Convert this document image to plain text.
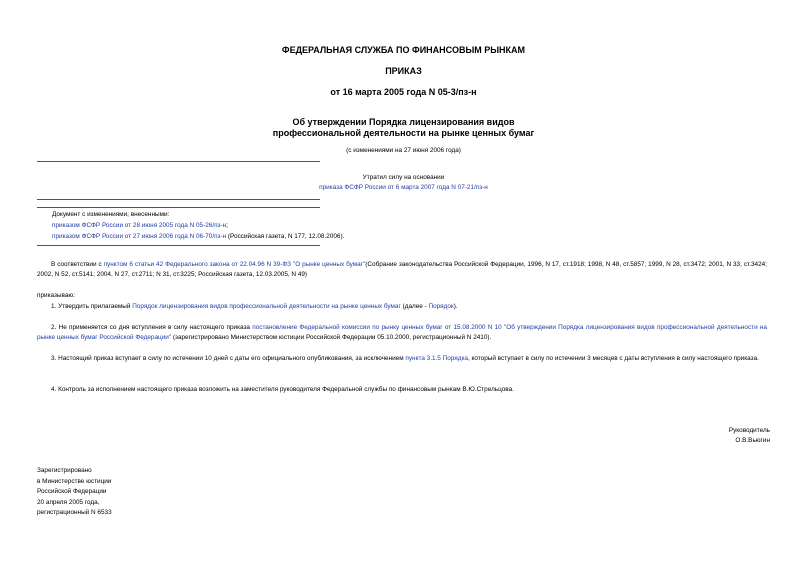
ФЕДЕРАЛЬНАЯ СЛУЖБА ПО ФИНАНСОВЫМ РЫНКАМ
ПРИКАЗ
от 16 марта 2005 года N 05-3/пз-н
Об утверждении Порядка лицензирования видов
профессиональной деятельности на рынке ценных бумаг
(с изменениями на 27 июня 2006 года)
Утратил силу на основании
приказа ФСФР России от 6 марта 2007 года N 07-21/пз-н
Документ с изменениями, внесенными:
приказом ФСФР России от 28 июня 2005 года N 05-26/пз-н;
приказом ФСФР России от 27 июня 2006 года N 06-70/пз-н (Российская газета, N 177, 12.08.2006).
В соответствии с пунктом 6 статьи 42 Федерального закона от 22.04.96 N 39-ФЗ "О рынке ценных бумаг"(Собрание законодательства Российской Федерации, 1996, N 17, ст.1918; 1998, N 48, ст.5857; 1999, N 28, ст.3472; 2001, N 33, ст.3424; 2002, N 52, ст.5141; 2004, N 27, ст.2711; N 31, ст.3225; Российская газета, 12.03.2005, N 49)
приказываю:
1. Утвердить прилагаемый Порядок лицензирования видов профессиональной деятельности на рынке ценных бумаг (далее - Порядок).
2. Не применяется со дня вступления в силу настоящего приказа постановление Федеральной комиссии по рынку ценных бумаг от 15.08.2000 N 10 "Об утверждении Порядка лицензирования видов профессиональной деятельности на рынке ценных бумаг Российской Федерации" (зарегистрировано Министерством юстиции Российской Федерации 05.10.2000, регистрационный N 2410).
3. Настоящий приказ вступает в силу по истечении 10 дней с даты его официального опубликования, за исключением пункта 3.1.5 Порядка, который вступает в силу по истечении 3 месяцев с даты вступления в силу настоящего приказа.
4. Контроль за исполнением настоящего приказа возложить на заместителя руководителя Федеральной службы по финансовым рынкам В.Ю.Стрельцова.
Руководитель
О.В.Вьюгин
Зарегистрировано
в Министерстве юстиции
Российской Федерации
20 апреля 2005 года,
регистрационный N 6533
